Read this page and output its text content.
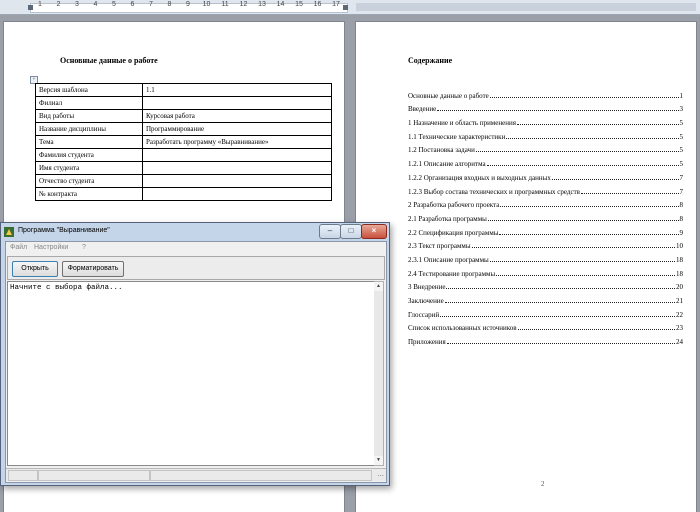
1 2 3 4 5 6 7 8 9 10 11 12 13 14 15 16 17
Основные данные о работе
+
Версия шаблона	1.1
Филиал	
Вид работы	Курсовая работа
Название дисциплины	Программирование
Тема	Разработать программу «Выравнивание»
Фамилия студента	
Имя студента	
Отчество студента	
№ контракта	
Содержание
Основные данные о работе	1
Введение	3
1 Назначение и область применения	5
1.1 Технические характеристики	5
1.2 Постановка задачи	5
1.2.1 Описание алгоритма	5
1.2.2 Организация входных и выходных данных	7
1.2.3 Выбор состава технических и программных средств	7
2 Разработка рабочего проекта	8
2.1 Разработка программы	8
2.2 Спецификация программы	9
2.3 Текст программы	10
2.3.1 Описание программы	18
2.4 Тестирование программы	18
3 Внедрение	20
Заключение	21
Глоссарий	22
Список использованных источников	23
Приложения	24
2
Программа "Выравнивание"	–	□	×
Файл Настройки ?
Открыть	Форматировать
Начните с выбора файла...	▲
▼
⋯
